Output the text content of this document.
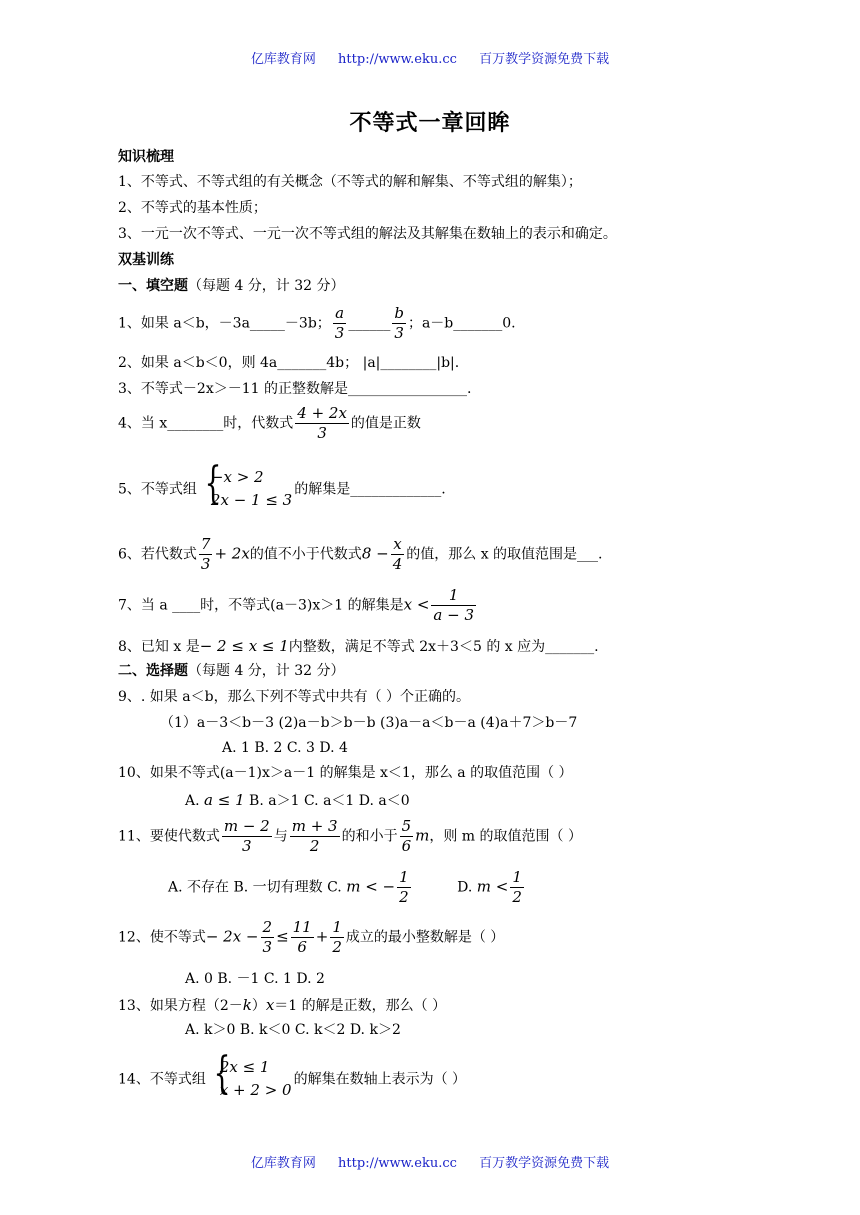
亿库教育网 http://www.eku.cc 百万教学资源免费下载
不等式一章回眸
知识梳理
1、不等式、不等式组的有关概念（不等式的解和解集、不等式组的解集）；
2、不等式的基本性质；
3、一元一次不等式、一元一次不等式组的解法及其解集在数轴上的表示和确定。
双基训练
一、填空题（每题 4 分，计 32 分）
1、如果 a＜b，－3a_____－3b； $\frac{a}{3}$ ______ $\frac{b}{3}$ ；a－b_______0.
2、如果 a＜b＜0，则 4a_______4b； |a|________|b|.
3、不等式－2x＞－11 的正整数解是_________________.
4、当 x________时，代数式 $\frac{4 + 2x}{3}$ 的值是正数
5、不等式组 {
−x > 2
2x − 1 ≤ 3
的解集是_____________.
6、若代数式 $\frac{7}{3} + 2x$的值不小于代数式$8 - \frac{x}{4}$ 的值，那么 x 的取值范围是___.
7、当 a ____时，不等式(a－3)x＞1 的解集是$x < \frac{1}{a - 3}$
8、已知 x 是− 2 ≤ x ≤ 1内整数，满足不等式 2x＋3＜5 的 x 应为_______.
二、选择题（每题 4 分，计 32 分）
9、. 如果 a＜b，那么下列不等式中共有（ ）个正确的。
（1）a－3＜b－3 (2)a－b＞b－b (3)a－a＜b－a (4)a＋7＞b－7
A. 1 B. 2 C. 3 D. 4
10、如果不等式(a－1)x＞a－1 的解集是 x＜1，那么 a 的取值范围（ ）
A. a ≤ 1 B. a＞1 C. a＜1 D. a＜0
11、要使代数式 $\frac{m - 2}{3}$ 与 $\frac{m + 3}{2}$ 的和小于 $\frac{5}{6}$ m，则 m 的取值范围（ ）
A. 不存在 B. 一切有理数 C. m < − $\frac{1}{2}$	D. $m < \frac{1}{2}$
12、使不等式− $2x - \frac{2}{3} \le \frac{11}{6} + \frac{1}{2}$ 成立的最小整数解是（ ）
A. 0 B. －1 C. 1 D. 2
13、如果方程（2－k）x＝1 的解是正数，那么（ ）
A. k＞0 B. k＜0 C. k＜2 D. k＞2
14、不等式组 {
2x ≤ 1
x + 2 > 0
的解集在数轴上表示为（ ）
亿库教育网 http://www.eku.cc 百万教学资源免费下载
